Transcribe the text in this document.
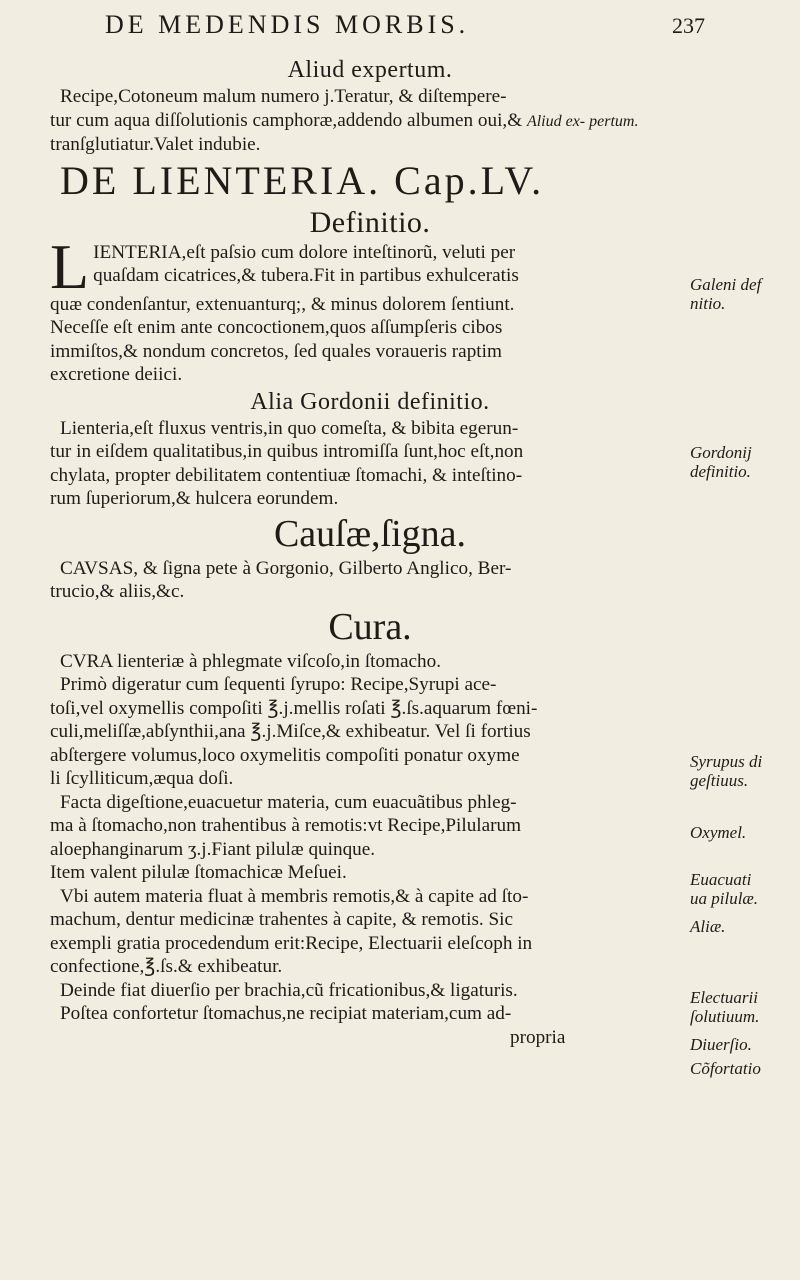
DE MEDENDIS MORBIS.	237
Aliud expertum.
Recipe,Cotoneum malum numero j.Teratur, & diſtempere-
tur cum aqua diſſolutionis camphoræ,addendo albumen oui,& Aliud ex- pertum.
tranſglutiatur.Valet indubie.
DE LIENTERIA. Cap.LV.
Definitio.
L IENTERIA,eſt paſsio cum dolore inteſtinorũ, veluti per
quaſdam cicatrices,& tubera.Fit in partibus exhulceratis
quæ condenſantur, extenuanturq;, & minus dolorem ſentiunt.
Neceſſe eſt enim ante concoctionem,quos aſſumpſeris cibos
immiſtos,& nondum concretos, ſed quales voraueris raptim
excretione deiici.
Alia Gordonii definitio.
Lienteria,eſt fluxus ventris,in quo comeſta, & bibita egerun-
tur in eiſdem qualitatibus,in quibus intromiſſa ſunt,hoc eſt,non
chylata, propter debilitatem contentiuæ ſtomachi, & inteſtino-
rum ſuperiorum,& hulcera eorundem.
Cauſæ,ſigna.
CAVSAS, & ſigna pete à Gorgonio, Gilberto Anglico, Ber-
trucio,& aliis,&c.
Cura.
CVRA lienteriæ à phlegmate viſcoſo,in ſtomacho.
Primò digeratur cum ſequenti ſyrupo: Recipe,Syrupi ace-
toſi,vel oxymellis compoſiti ℥.j.mellis roſati ℥.ſs.aquarum fœni-
culi,meliſſæ,abſynthii,ana ℥.j.Miſce,& exhibeatur. Vel ſi fortius
abſtergere volumus,loco oxymelitis compoſiti ponatur oxyme
li ſcylliticum,æqua doſi.
Facta digeſtione,euacuetur materia, cum euacuãtibus phleg-
ma à ſtomacho,non trahentibus à remotis:vt Recipe,Pilularum
aloephanginarum ʒ.j.Fiant pilulæ quinque.
Item valent pilulæ ſtomachicæ Meſuei.
Vbi autem materia fluat à membris remotis,& à capite ad ſto-
machum, dentur medicinæ trahentes à capite, & remotis. Sic
exempli gratia procedendum erit:Recipe, Electuarii eleſcoph in
confectione,℥.ſs.& exhibeatur.
Deinde fiat diuerſio per brachia,cũ fricationibus,& ligaturis.
Poſtea confortetur ſtomachus,ne recipiat materiam,cum ad-
propria
Galeni def
nitio.
Gordonij
definitio.
Syrupus di
geſtiuus.
Oxymel.
Euacuati
ua pilulæ.
Aliæ.
Electuarii
ſolutiuum.
Diuerſio.
Cõfortatio
